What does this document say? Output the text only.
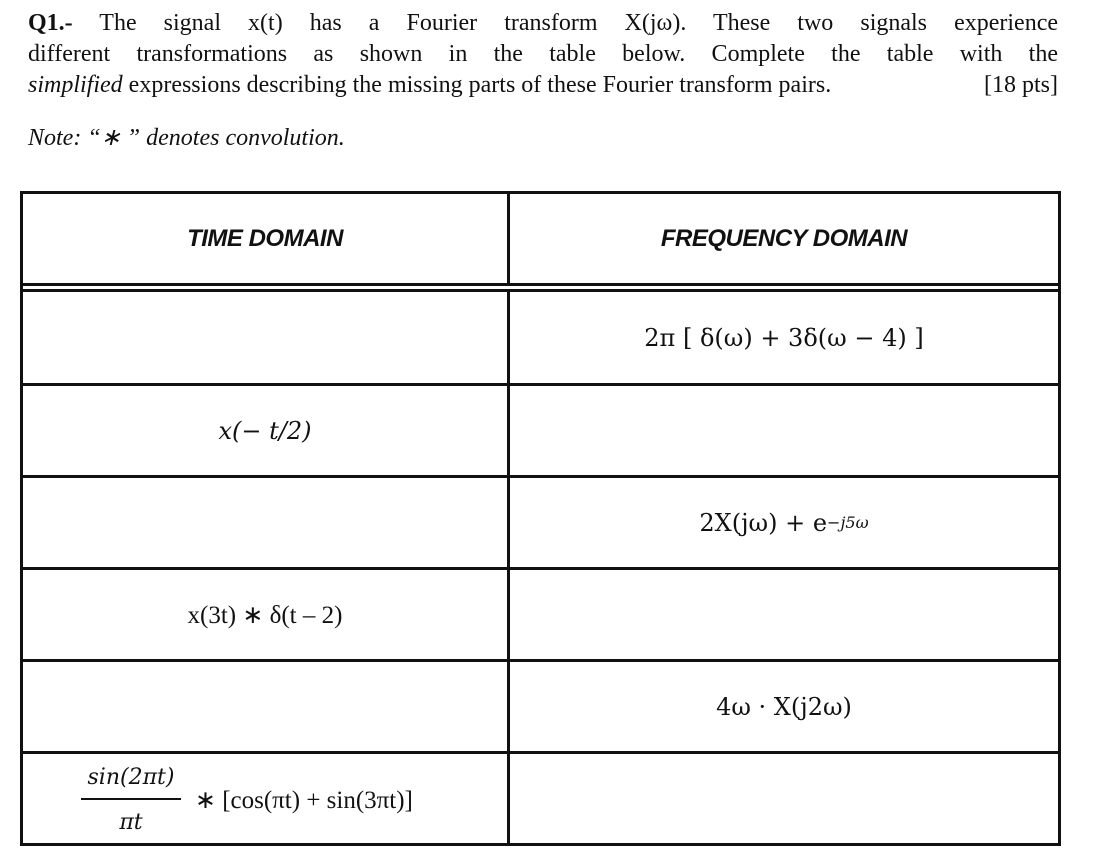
Q1.- The signal x(t) has a Fourier transform X(jω). These two signals experience

different transformations as shown in the table below. Complete the table with the

simplified expressions describing the missing parts of these Fourier transform pairs.	[18 pts]

Note: “∗ ” denotes convolution.
TIME DOMAIN	FREQUENCY DOMAIN
2π [ δ(ω) + 3δ(ω − 4) ]
x(− t/2)
2X(jω) + e −j5ω
x(3t) ∗ δ(t – 2)
4ω · X(j2ω)
$\frac{\sin(2\pi t)}{\pi t}$ ∗ [cos(πt) + sin(3πt)]
